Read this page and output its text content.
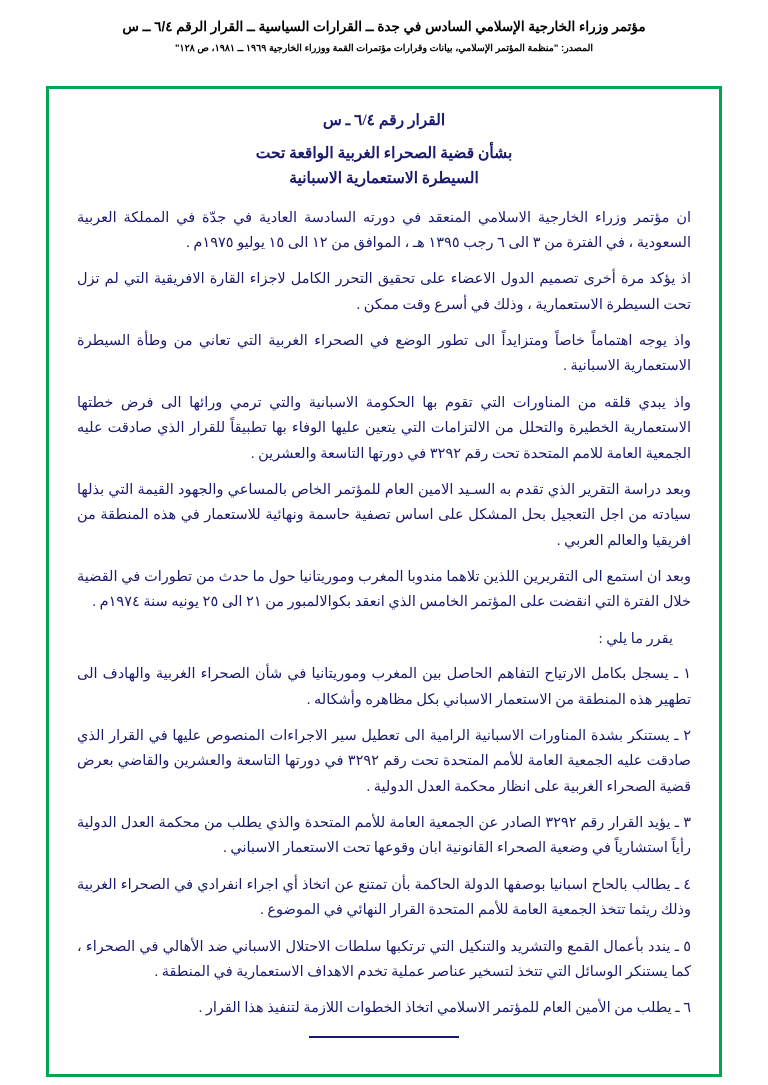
مؤتمر وزراء الخارجية الإسلامي السادس في جدة ــ القرارات السياسية ــ القرار الرقم ٦/٤ ــ س
المصدر: "منظمة المؤتمر الإسلامي، بيانات وقرارات مؤتمرات القمة ووزراء الخارجية ١٩٦٩ ــ ١٩٨١، ص ١٢٨"
القرار رقم ٦/٤ ـ س
بشأن قضية الصحراء الغربية الواقعة تحت
السيطرة الاستعمارية الاسبانية

ان مؤتمر وزراء الخارجية الاسلامي المنعقد في دورته السادسة العادية في جدّة في المملكة العربية السعودية ، في الفترة من ٣ الى ٦ رجب ١٣٩٥ هـ ، الموافق من ١٢ الى ١٥ يوليو ١٩٧٥م .

اذ يؤكد مرة أخرى تصميم الدول الاعضاء على تحقيق التحرر الكامل لاجزاء القارة الافريقية التي لم تزل تحت السيطرة الاستعمارية ، وذلك في أسرع وقت ممكن .

واذ يوجه اهتماماً خاصاً ومتزايداً الى تطور الوضع في الصحراء الغربية التي تعاني من وطأة السيطرة الاستعمارية الاسبانية .

واذ يبدي قلقه من المناورات التي تقوم بها الحكومة الاسبانية والتي ترمي ورائها الى فرض خطتها الاستعمارية الخطيرة والتحلل من الالتزامات التي يتعين عليها الوفاء بها تطبيقاً للقرار الذي صادقت عليه الجمعية العامة للامم المتحدة تحت رقم ٣٢٩٢ في دورتها التاسعة والعشرين .

وبعد دراسة التقرير الذي تقدم به السـيد الامين العام للمؤتمر الخاص بالمساعي والجهود القيمة التي بذلها سيادته من اجل التعجيل بحل المشكل على اساس تصفية حاسمة ونهائية للاستعمار في هذه المنطقة من افريقيا والعالم العربي .

وبعد ان استمع الى التقريرين اللذين تلاهما مندوبا المغرب وموريتانيا حول ما حدث من تطورات في القضية خلال الفترة التي انقضت على المؤتمر الخامس الذي انعقد بكوالالمبور من ٢١ الى ٢٥ يونيه سنة ١٩٧٤م .

يقرر ما يلي :

١ ـ يسجل بكامل الارتياح التفاهم الحاصل بين المغرب وموريتانيا في شأن الصحراء الغربية والهادف الى تطهير هذه المنطقة من الاستعمار الاسباني بكل مظاهره وأشكاله .

٢ ـ يستنكر بشدة المناورات الاسبانية الرامية الى تعطيل سير الاجراءات المنصوص عليها في القرار الذي صادقت عليه الجمعية العامة للأمم المتحدة تحت رقم ٣٢٩٢ في دورتها التاسعة والعشرين والقاضي بعرض قضية الصحراء الغربية على انظار محكمة العدل الدولية .

٣ ـ يؤيد القرار رقم ٣٢٩٢ الصادر عن الجمعية العامة للأمم المتحدة والذي يطلب من محكمة العدل الدولية رأياً استشارياً في وضعية الصحراء القانونية ابان وقوعها تحت الاستعمار الاسباني .

٤ ـ يطالب بالحاح اسبانيا بوصفها الدولة الحاكمة بأن تمتنع عن اتخاذ أي اجراء انفرادي في الصحراء الغربية وذلك ريثما تتخذ الجمعية العامة للأمم المتحدة القرار النهائي في الموضوع .

٥ ـ يندد بأعمال القمع والتشريد والتنكيل التي ترتكبها سلطات الاحتلال الاسباني ضد الأهالي في الصحراء ، كما يستنكر الوسائل التي تتخذ لتسخير عناصر عملية تخدم الاهداف الاستعمارية في المنطقة .

٦ ـ يطلب من الأمين العام للمؤتمر الاسلامي اتخاذ الخطوات اللازمة لتنفيذ هذا القرار .
